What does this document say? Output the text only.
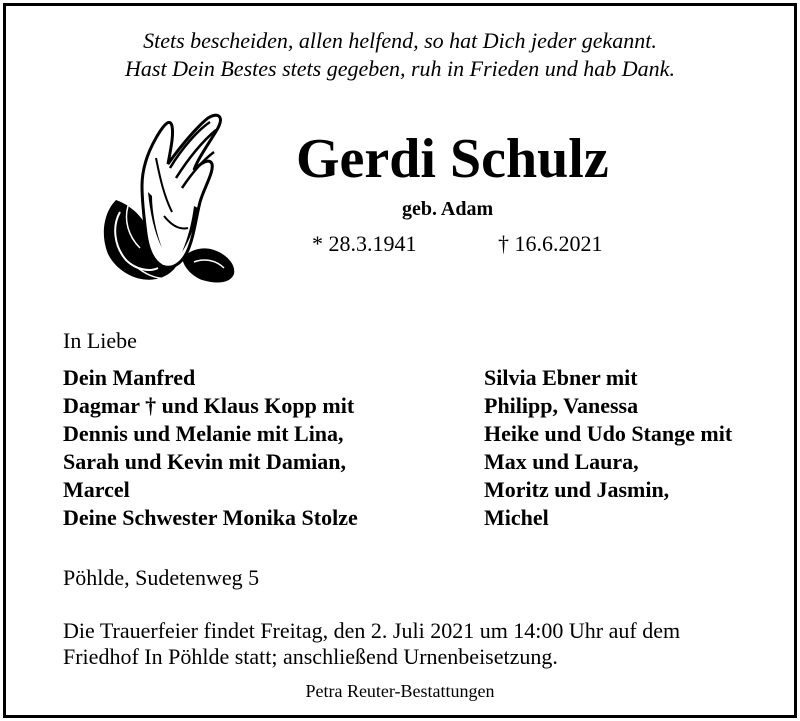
Stets bescheiden, allen helfend, so hat Dich jeder gekannt.
Hast Dein Bestes stets gegeben, ruh in Frieden und hab Dank.
Gerdi Schulz
geb. Adam
* 28.3.1941	† 16.6.2021
In Liebe
Dein Manfred
Dagmar † und Klaus Kopp mit
Dennis und Melanie mit Lina,
Sarah und Kevin mit Damian,
Marcel
Deine Schwester Monika Stolze
Silvia Ebner mit
Philipp, Vanessa
Heike und Udo Stange mit
Max und Laura,
Moritz und Jasmin,
Michel
Pöhlde, Sudetenweg 5
Die Trauerfeier findet Freitag, den 2. Juli 2021 um 14:00 Uhr auf dem
Friedhof In Pöhlde statt; anschließend Urnenbeisetzung.
Petra Reuter-Bestattungen
